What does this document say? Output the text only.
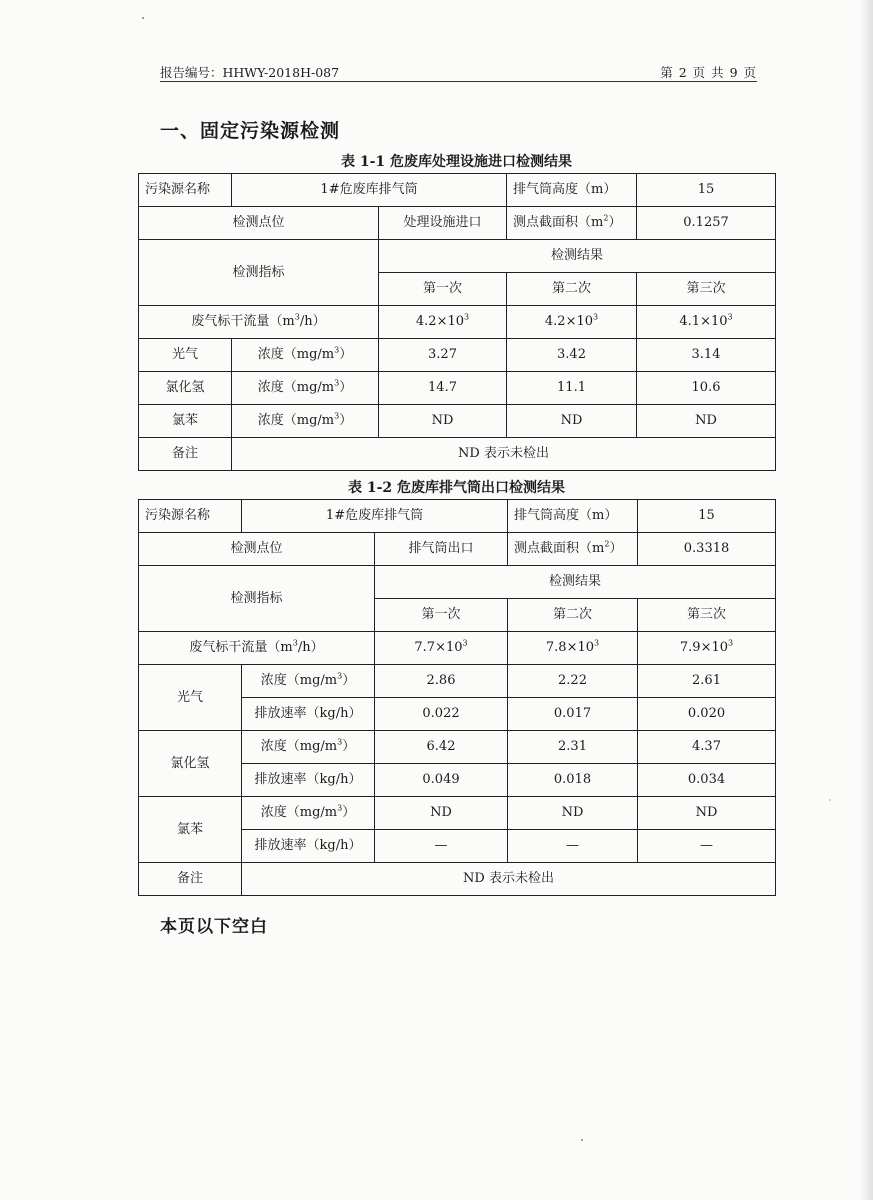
报告编号：HHWY-2018H-087	第 2 页 共 9 页
一、固定污染源检测
表 1-1 危废库处理设施进口检测结果
污染源名称	1#危废库排气筒		排气筒高度（m）	15
检测点位		处理设施进口	测点截面积$(m^2)$	0.1257
检测指标		检测结果		
		第一次	第二次	第三次
废气标干流量$(m^3/h)$		$4.2\times 10^3$	$4.2\times 10^3$	$4.1\times 10^3$
光气	浓度$(mg/m^3)$	3.27	3.42	3.14
氯化氢	浓度$(mg/m^3)$	14.7	11.1	10.6
氯苯	浓度$(mg/m^3)$	ND	ND	ND
备注	ND 表示未检出			
表 1-2 危废库排气筒出口检测结果
污染源名称	1#危废库排气筒		排气筒高度（m）	15
检测点位		排气筒出口	测点截面积$(m^2)$	0.3318
检测指标		检测结果		
		第一次	第二次	第三次
废气标干流量$(m^3/h)$		$7.7\times 10^3$	$7.8\times 10^3$	$7.9\times 10^3$
光气	浓度$(mg/m^3)$	2.86	2.22	2.61
	排放速率（kg/h）	0.022	0.017	0.020
氯化氢	浓度$(mg/m^3)$	6.42	2.31	4.37
	排放速率（kg/h）	0.049	0.018	0.034
氯苯	浓度$(mg/m^3)$	ND	ND	ND
	排放速率（kg/h）	—	—	—
备注	ND 表示未检出			
本页以下空白
